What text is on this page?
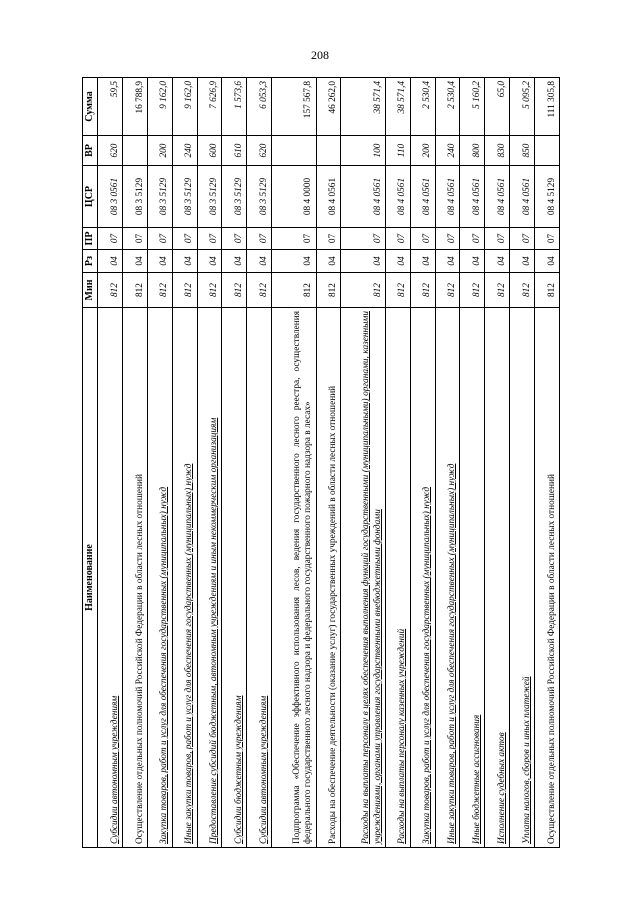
208
Наименование	Мин	Рз	ПР	ЦСР	ВР	Сумма
Субсидии автономным учреждениям	812	04	07	08 3 0561	620	59,5
Осуществление отдельных полномочий Российской Федерации в области лесных отношений	812	04	07	08 3 5129		16 788,9
Закупка товаров, работ и услуг для обеспечения государственных (муниципальных) нужд	812	04	07	08 3 5129	200	9 162,0
Иные закупки товаров, работ и услуг для обеспечения государственных (муниципальных) нужд	812	04	07	08 3 5129	240	9 162,0
Предоставление субсидий бюджетным, автономным учреждениям и иным некоммерческим организациям	812	04	07	08 3 5129	600	7 626,9
Субсидии бюджетным учреждениям	812	04	07	08 3 5129	610	1 573,6
Субсидии автономным учреждениям	812	04	07	08 3 5129	620	6 053,3
Подпрограмма «Обеспечение эффективного использования лесов, ведения государственного лесного реестра, осуществления федерального государственного лесного надзора и федерального государственного пожарного надзора в лесах»	812	04	07	08 4 0000		157 567,8
Расходы на обеспечение деятельности (оказание услуг) государственных учреждений в области лесных отношений	812	04	07	08 4 0561		46 262,0
Расходы на выплаты персоналу в целях обеспечения выполнения функций государственными (муниципальными) органами, казенными учреждениями, органами управления государственными внебюджетными фондами	812	04	07	08 4 0561	100	38 571,4
Расходы на выплаты персоналу казенных учреждений	812	04	07	08 4 0561	110	38 571,4
Закупка товаров, работ и услуг для обеспечения государственных (муниципальных) нужд	812	04	07	08 4 0561	200	2 530,4
Иные закупки товаров, работ и услуг для обеспечения государственных (муниципальных) нужд	812	04	07	08 4 0561	240	2 530,4
Иные бюджетные ассигнования	812	04	07	08 4 0561	800	5 160,2
Исполнение судебных актов	812	04	07	08 4 0561	830	65,0
Уплата налогов, сборов и иных платежей	812	04	07	08 4 0561	850	5 095,2
Осуществление отдельных полномочий Российской Федерации в области лесных отношений	812	04	07	08 4 5129		111 305,8
